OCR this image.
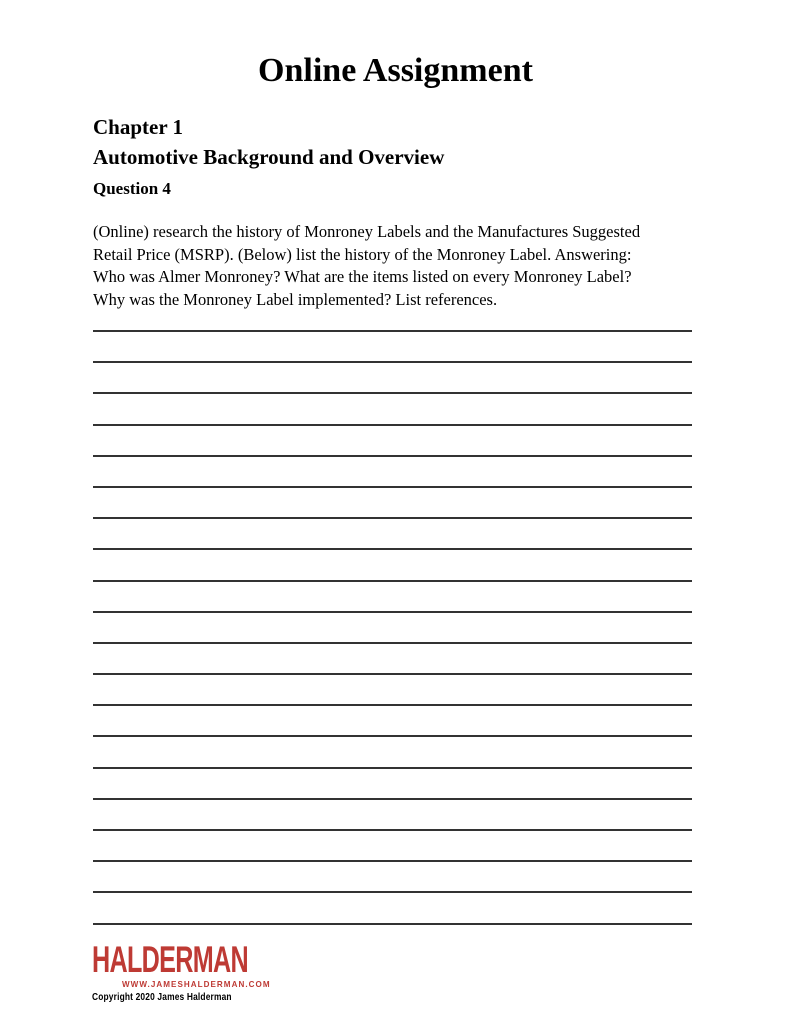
Online Assignment
Chapter 1
Automotive Background and Overview
Question 4
(Online) research the history of Monroney Labels and the Manufactures Suggested
Retail Price (MSRP). (Below) list the history of the Monroney Label. Answering:
Who was Almer Monroney? What are the items listed on every Monroney Label?
Why was the Monroney Label implemented? List references.
HALDERMAN
WWW.JAMESHALDERMAN.COM
Copyright 2020 James Halderman
